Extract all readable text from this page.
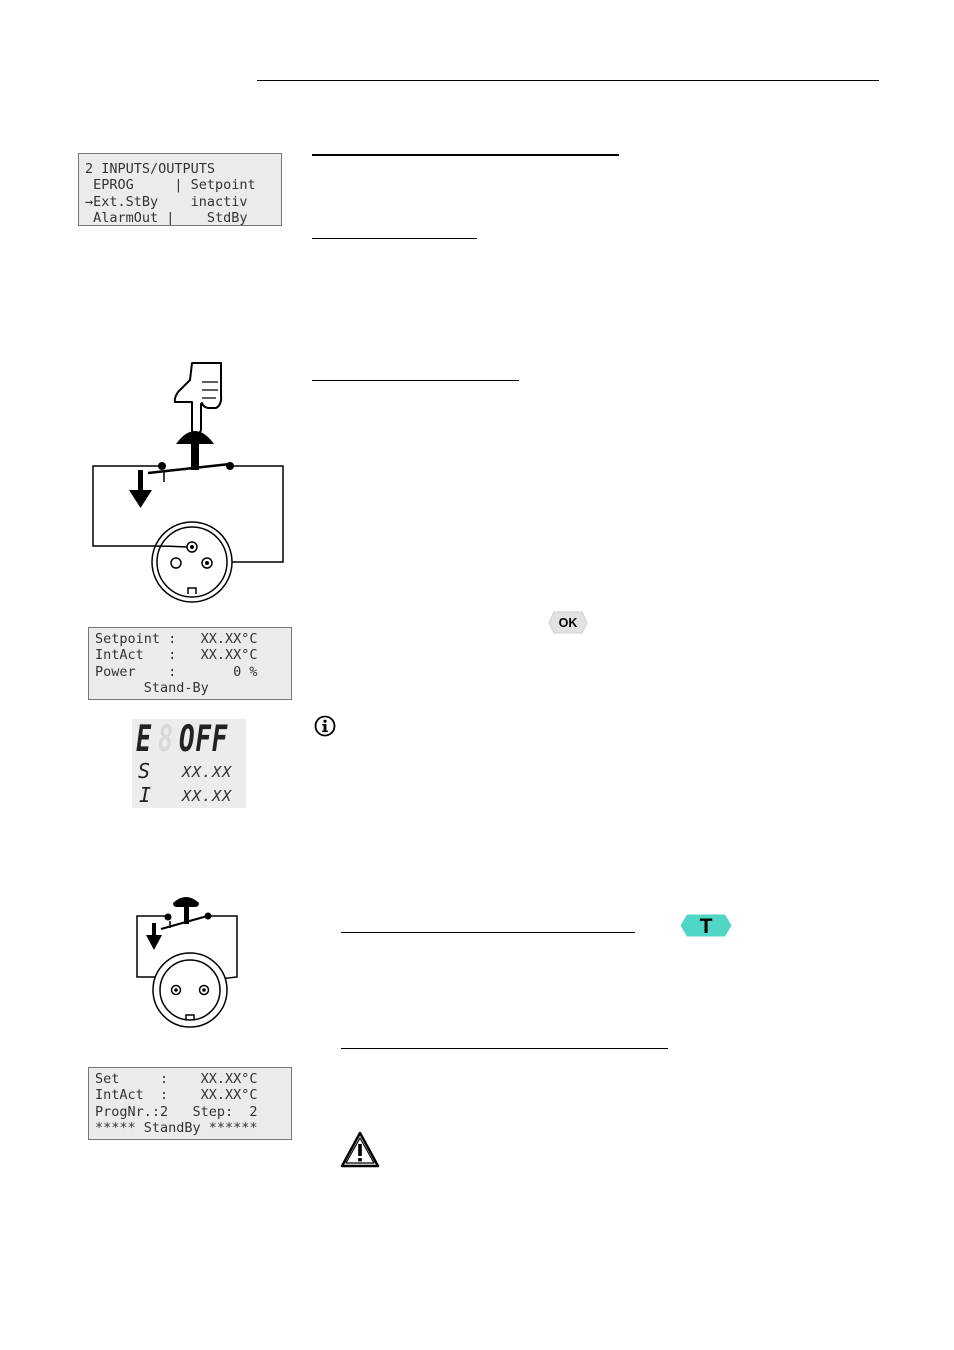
2 INPUTS/OUTPUTS
EPROG     | Setpoint
→Ext.StBy    inactiv
AlarmOut |    StdBy
OK
Setpoint :   XX.XX°C
IntAct   :   XX.XX°C
Power    :       0 %
Stand-By
E 8 OFF
S XX.XX
I XX.XX
T
Set     :    XX.XX°C
IntAct  :    XX.XX°C
ProgNr.:2   Step:  2
***** StandBy ******
